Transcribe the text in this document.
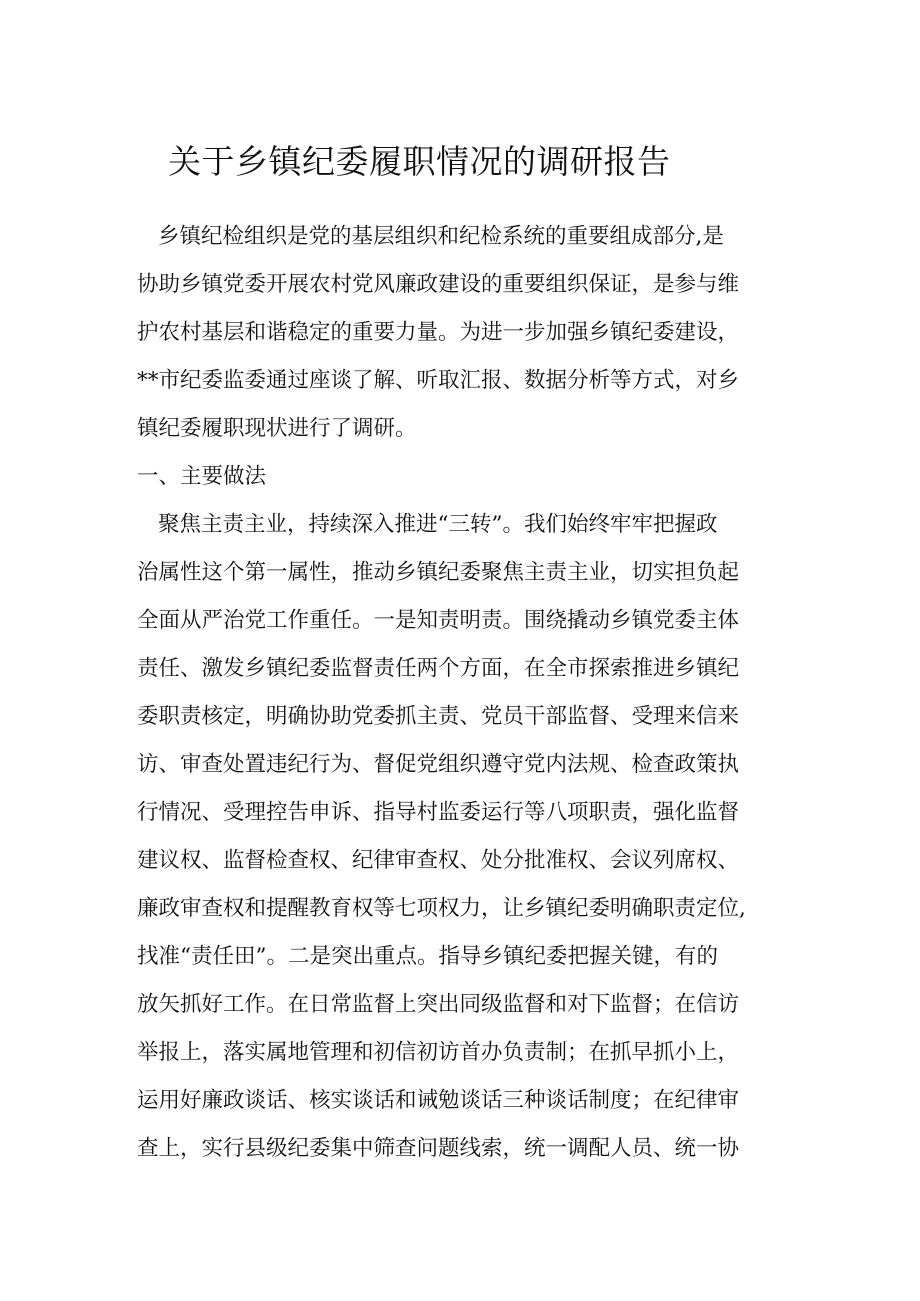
关于乡镇纪委履职情况的调研报告

乡镇纪检组织是党的基层组织和纪检系统的重要组成部分,是

协助乡镇党委开展农村党风廉政建设的重要组织保证，是参与维

护农村基层和谐稳定的重要力量。为进一步加强乡镇纪委建设，

**市纪委监委通过座谈了解、听取汇报、数据分析等方式，对乡

镇纪委履职现状进行了调研。

一、主要做法

聚焦主责主业，持续深入推进“三转”。我们始终牢牢把握政

治属性这个第一属性，推动乡镇纪委聚焦主责主业，切实担负起

全面从严治党工作重任。一是知责明责。围绕撬动乡镇党委主体

责任、激发乡镇纪委监督责任两个方面，在全市探索推进乡镇纪

委职责核定，明确协助党委抓主责、党员干部监督、受理来信来

访、审查处置违纪行为、督促党组织遵守党内法规、检查政策执

行情况、受理控告申诉、指导村监委运行等八项职责，强化监督

建议权、监督检查权、纪律审查权、处分批准权、会议列席权、

廉政审查权和提醒教育权等七项权力，让乡镇纪委明确职责定位,

找准“责任田”。二是突出重点。指导乡镇纪委把握关键，有的

放矢抓好工作。在日常监督上突出同级监督和对下监督；在信访

举报上，落实属地管理和初信初访首办负责制；在抓早抓小上，

运用好廉政谈话、核实谈话和诫勉谈话三种谈话制度；在纪律审

查上，实行县级纪委集中筛查问题线索，统一调配人员、统一协
